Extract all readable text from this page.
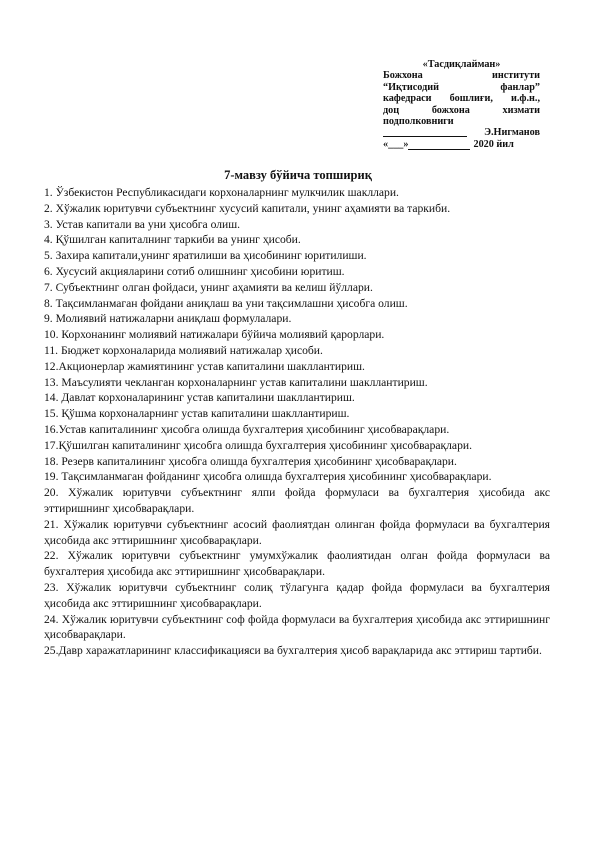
«Тасдиқлайман»
Божхона институти
“Иқтисодий фанлар”
кафедраси бошлиғи, и.ф.н.,
доц божхона хизмати
подполковниги
Э.Нигманов
«___»	2020 йил
7-мавзу бўйича топшириқ
1. Ўзбекистон Республикасидаги корхоналарнинг мулкчилик шакллари.
2. Хўжалик юритувчи субъектнинг хусусий капитали, унинг аҳамияти ва таркиби.
3. Устав капитали ва уни ҳисобга олиш.
4. Қўшилган капиталнинг таркиби ва унинг ҳисоби.
5. Захира капитали,унинг яратилиши ва ҳисобининг юритилиши.
6. Хусусий акцияларини сотиб олишнинг ҳисобини юритиш.
7. Субъектнинг олган фойдаси, унинг аҳамияти ва келиш йўллари.
8. Тақсимланмаган фойдани аниқлаш ва уни тақсимлашни ҳисобга олиш.
9. Молиявий натижаларни аниқлаш формулалари.
10. Корхонанинг молиявий натижалари бўйича молиявий қарорлари.
11. Бюджет корхоналарида молиявий натижалар ҳисоби.
12.Акционерлар жамиятининг устав капиталини шакллантириш.
13. Маъсулияти чекланган корхоналарнинг устав капиталини шакллантириш.
14. Давлат корхоналарининг устав капиталини шакллантириш.
15. Қўшма корхоналарнинг устав капиталини шакллантириш.
16.Устав капиталининг ҳисобга олишда бухгалтерия ҳисобининг ҳисобварақлари.
17.Қўшилган капиталининг ҳисобга олишда бухгалтерия ҳисобининг ҳисобварақлари.
18. Резерв капиталининг ҳисобга олишда бухгалтерия ҳисобининг ҳисобварақлари.
19. Тақсимланмаган фойданинг ҳисобга олишда бухгалтерия ҳисобининг ҳисобварақлари.
20. Хўжалик юритувчи субъектнинг ялпи фойда формуласи ва бухгалтерия ҳисобида акс эттиришнинг ҳисобварақлари.
21. Хўжалик юритувчи субъектнинг асосий фаолиятдан олинган фойда формуласи ва бухгалтерия ҳисобида акс эттиришнинг ҳисобварақлари.
22. Хўжалик юритувчи субъектнинг умумхўжалик фаолиятидан олган фойда формуласи ва бухгалтерия ҳисобида акс эттиришнинг ҳисобварақлари.
23. Хўжалик юритувчи субъектнинг солиқ тўлагунга қадар фойда формуласи ва бухгалтерия ҳисобида акс эттиришнинг ҳисобварақлари.
24. Хўжалик юритувчи субъектнинг соф фойда формуласи ва бухгалтерия ҳисобида акс эттиришнинг ҳисобварақлари.
25.Давр харажатларининг классификацияси ва бухгалтерия ҳисоб варақларида акс эттириш тартиби.
